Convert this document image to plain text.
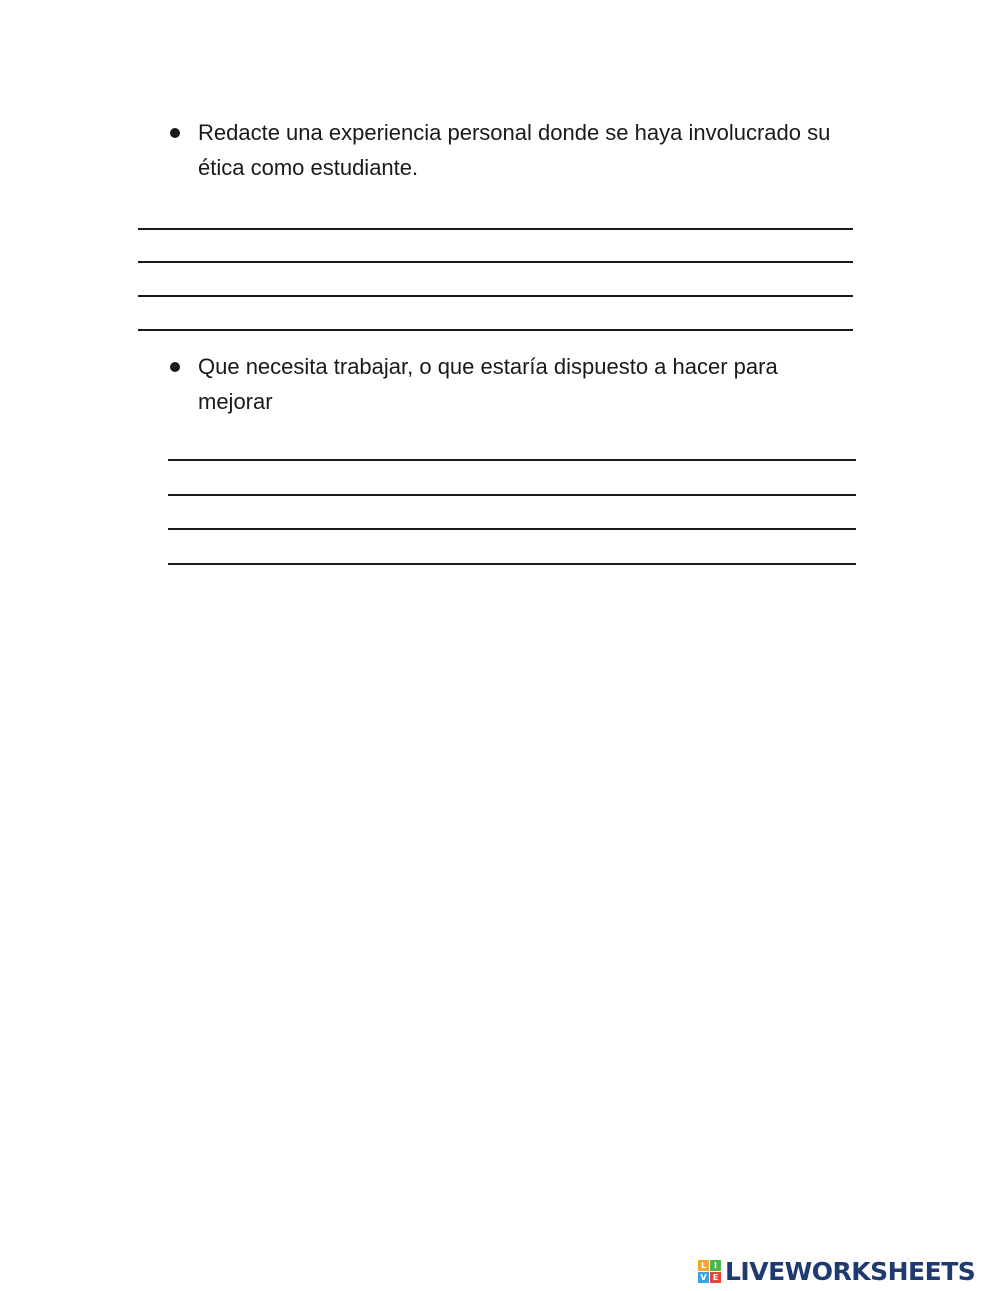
Redacte una experiencia personal donde se haya involucrado su ética como estudiante.
Que necesita trabajar, o que estaría dispuesto a hacer para mejorar
L I
V E LIVEWORKSHEETS
